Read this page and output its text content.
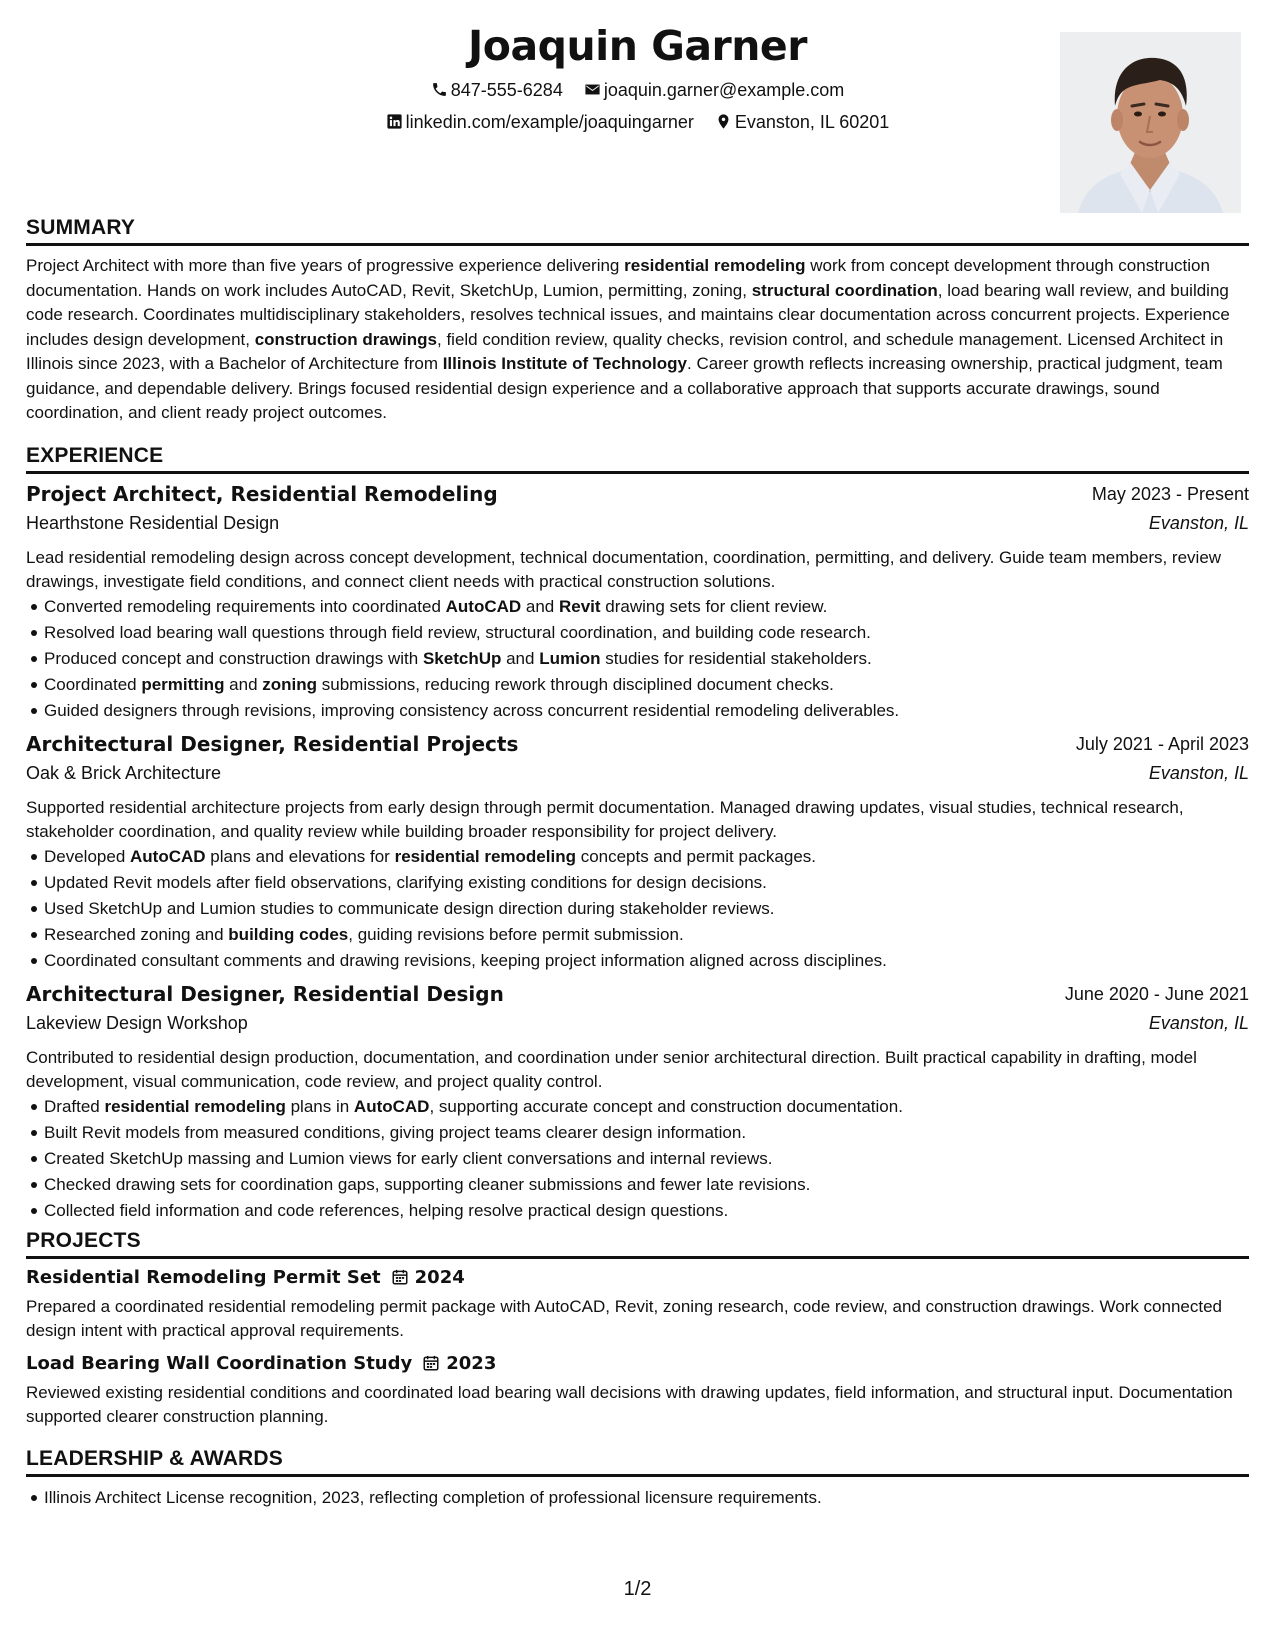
Joaquin Garner
847-555-6284 joaquin.garner@example.com
linkedin.com/example/joaquingarner Evanston, IL 60201
SUMMARY

Project Architect with more than five years of progressive experience delivering residential remodeling work from concept development through construction documentation. Hands on work includes AutoCAD, Revit, SketchUp, Lumion, permitting, zoning, structural coordination, load bearing wall review, and building code research. Coordinates multidisciplinary stakeholders, resolves technical issues, and maintains clear documentation across concurrent projects. Experience includes design development, construction drawings, field condition review, quality checks, revision control, and schedule management. Licensed Architect in Illinois since 2023, with a Bachelor of Architecture from Illinois Institute of Technology. Career growth reflects increasing ownership, practical judgment, team guidance, and dependable delivery. Brings focused residential design experience and a collaborative approach that supports accurate drawings, sound coordination, and client ready project outcomes.

EXPERIENCE
Project Architect, Residential Remodeling	May 2023 - Present
Hearthstone Residential Design	Evanston, IL

Lead residential remodeling design across concept development, technical documentation, coordination, permitting, and delivery. Guide team members, review drawings, investigate field conditions, and connect client needs with practical construction solutions.

Converted remodeling requirements into coordinated AutoCAD and Revit drawing sets for client review.
Resolved load bearing wall questions through field review, structural coordination, and building code research.
Produced concept and construction drawings with SketchUp and Lumion studies for residential stakeholders.
Coordinated permitting and zoning submissions, reducing rework through disciplined document checks.
Guided designers through revisions, improving consistency across concurrent residential remodeling deliverables.
Architectural Designer, Residential Projects	July 2021 - April 2023
Oak & Brick Architecture	Evanston, IL

Supported residential architecture projects from early design through permit documentation. Managed drawing updates, visual studies, technical research, stakeholder coordination, and quality review while building broader responsibility for project delivery.

Developed AutoCAD plans and elevations for residential remodeling concepts and permit packages.
Updated Revit models after field observations, clarifying existing conditions for design decisions.
Used SketchUp and Lumion studies to communicate design direction during stakeholder reviews.
Researched zoning and building codes, guiding revisions before permit submission.
Coordinated consultant comments and drawing revisions, keeping project information aligned across disciplines.
Architectural Designer, Residential Design	June 2020 - June 2021
Lakeview Design Workshop	Evanston, IL

Contributed to residential design production, documentation, and coordination under senior architectural direction. Built practical capability in drafting, model development, visual communication, code review, and project quality control.

Drafted residential remodeling plans in AutoCAD, supporting accurate concept and construction documentation.
Built Revit models from measured conditions, giving project teams clearer design information.
Created SketchUp massing and Lumion views for early client conversations and internal reviews.
Checked drawing sets for coordination gaps, supporting cleaner submissions and fewer late revisions.
Collected field information and code references, helping resolve practical design questions.
PROJECTS
Residential Remodeling Permit Set 2024

Prepared a coordinated residential remodeling permit package with AutoCAD, Revit, zoning research, code review, and construction drawings. Work connected design intent with practical approval requirements.

Load Bearing Wall Coordination Study 2023

Reviewed existing residential conditions and coordinated load bearing wall decisions with drawing updates, field information, and structural input. Documentation supported clearer construction planning.

LEADERSHIP & AWARDS
Illinois Architect License recognition, 2023, reflecting completion of professional licensure requirements.
1/2
